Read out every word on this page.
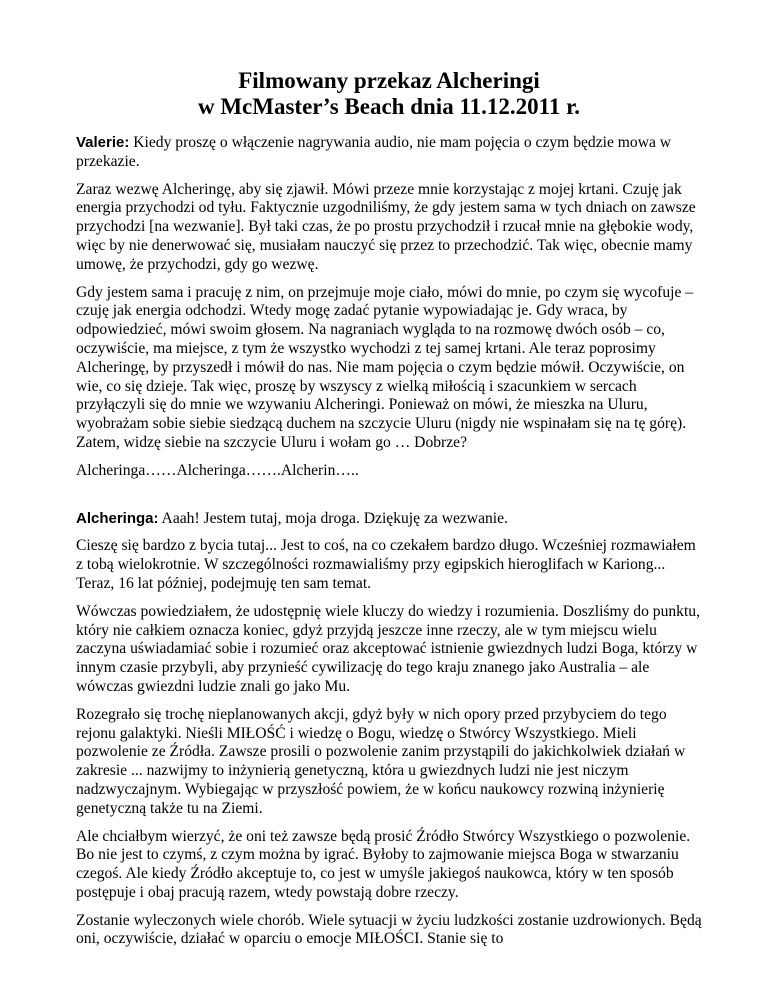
Filmowany przekaz Alcheringi
w McMaster’s Beach dnia 11.12.2011 r.

Valerie: Kiedy proszę o włączenie nagrywania audio, nie mam pojęcia o czym będzie mowa w przekazie.

Zaraz wezwę Alcheringę, aby się zjawił. Mówi przeze mnie korzystając z mojej krtani. Czuję jak energia przychodzi od tyłu. Faktycznie uzgodniliśmy, że gdy jestem sama w tych dniach on zawsze przychodzi [na wezwanie]. Był taki czas, że po prostu przychodził i rzucał mnie na głębokie wody, więc by nie denerwować się, musiałam nauczyć się przez to przechodzić. Tak więc, obecnie mamy umowę, że przychodzi, gdy go wezwę.

Gdy jestem sama i pracuję z nim, on przejmuje moje ciało, mówi do mnie, po czym się wycofuje – czuję jak energia odchodzi. Wtedy mogę zadać pytanie wypowiadając je. Gdy wraca, by odpowiedzieć, mówi swoim głosem. Na nagraniach wygląda to na rozmowę dwóch osób – co, oczywiście, ma miejsce, z tym że wszystko wychodzi z tej samej krtani. Ale teraz poprosimy Alcheringę, by przyszedł i mówił do nas. Nie mam pojęcia o czym będzie mówił. Oczywiście, on wie, co się dzieje. Tak więc, proszę by wszyscy z wielką miłością i szacunkiem w sercach przyłączyli się do mnie we wzywaniu Alcheringi. Ponieważ on mówi, że mieszka na Uluru, wyobrażam sobie siebie siedzącą duchem na szczycie Uluru (nigdy nie wspinałam się na tę górę). Zatem, widzę siebie na szczycie Uluru i wołam go … Dobrze?

Alcheringa……Alcheringa…….Alcherin…..

Alcheringa: Aaah! Jestem tutaj, moja droga. Dziękuję za wezwanie.

Cieszę się bardzo z bycia tutaj... Jest to coś, na co czekałem bardzo długo. Wcześniej rozmawiałem z tobą wielokrotnie. W szczególności rozmawialiśmy przy egipskich hieroglifach w Kariong... Teraz, 16 lat później, podejmuję ten sam temat.

Wówczas powiedziałem, że udostępnię wiele kluczy do wiedzy i rozumienia. Doszliśmy do punktu, który nie całkiem oznacza koniec, gdyż przyjdą jeszcze inne rzeczy, ale w tym miejscu wielu zaczyna uświadamiać sobie i rozumieć oraz akceptować istnienie gwiezdnych ludzi Boga, którzy w innym czasie przybyli, aby przynieść cywilizację do tego kraju znanego jako Australia – ale wówczas gwiezdni ludzie znali go jako Mu.

Rozegrało się trochę nieplanowanych akcji, gdyż były w nich opory przed przybyciem do tego rejonu galaktyki. Nieśli MIŁOŚĆ i wiedzę o Bogu, wiedzę o Stwórcy Wszystkiego. Mieli pozwolenie ze Źródła. Zawsze prosili o pozwolenie zanim przystąpili do jakichkolwiek działań w zakresie ... nazwijmy to inżynierią genetyczną, która u gwiezdnych ludzi nie jest niczym nadzwyczajnym. Wybiegając w przyszłość powiem, że w końcu naukowcy rozwiną inżynierię genetyczną także tu na Ziemi.

Ale chciałbym wierzyć, że oni też zawsze będą prosić Źródło Stwórcy Wszystkiego o pozwolenie. Bo nie jest to czymś, z czym można by igrać. Byłoby to zajmowanie miejsca Boga w stwarzaniu czegoś. Ale kiedy Źródło akceptuje to, co jest w umyśle jakiegoś naukowca, który w ten sposób postępuje i obaj pracują razem, wtedy powstają dobre rzeczy.

Zostanie wyleczonych wiele chorób. Wiele sytuacji w życiu ludzkości zostanie uzdrowionych. Będą oni, oczywiście, działać w oparciu o emocje MIŁOŚCI. Stanie się to
